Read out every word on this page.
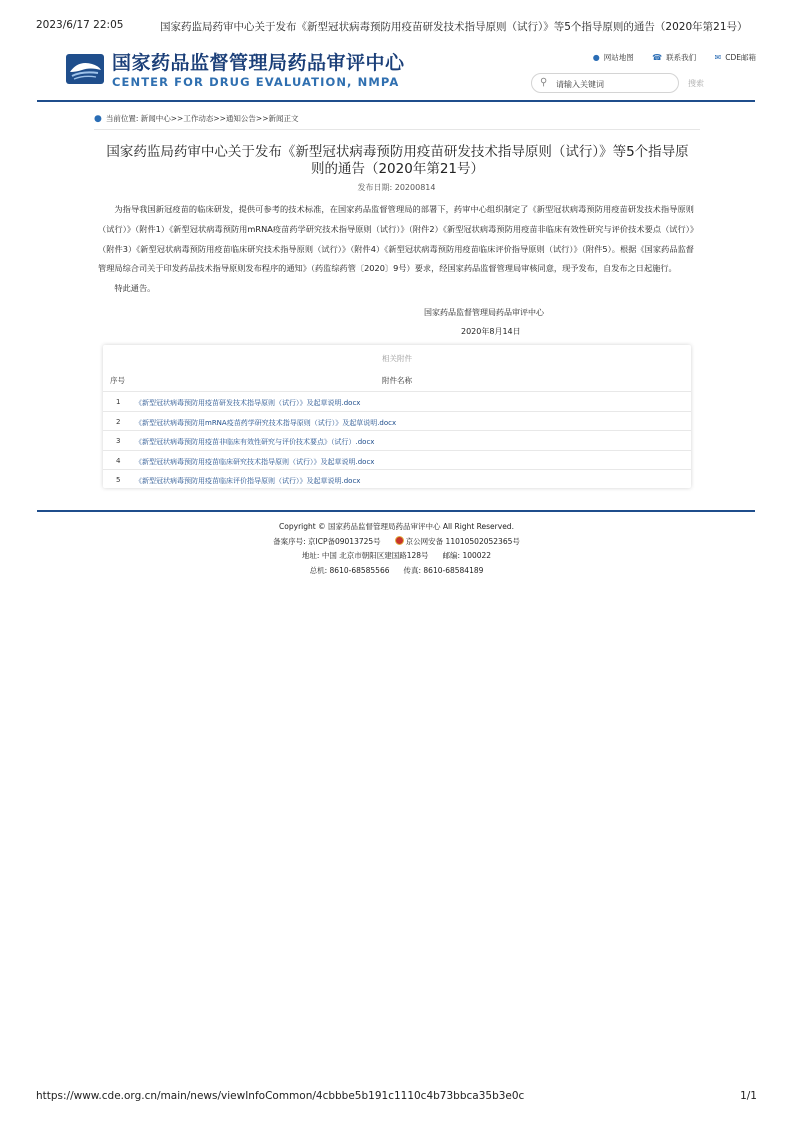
2023/6/17 22:05	国家药监局药审中心关于发布《新型冠状病毒预防用疫苗研发技术指导原则（试行）》等5个指导原则的通告（2020年第21号）
国家药品监督管理局药品审评中心
CENTER FOR DRUG EVALUATION, NMPA
● 网站地图 ☎ 联系我们 ✉ CDE邮箱
⚲ 请输入关键词	搜索
● 当前位置: 新闻中心>>工作动态>>通知公告>>新闻正文
国家药监局药审中心关于发布《新型冠状病毒预防用疫苗研发技术指导原则（试行）》等5个指导原则的通告（2020年第21号）
发布日期: 20200814

为指导我国新冠疫苗的临床研发，提供可参考的技术标准，在国家药品监督管理局的部署下，药审中心组织制定了《新型冠状病毒预防用疫苗研发技术指导原则（试行）》（附件1）《新型冠状病毒预防用mRNA疫苗药学研究技术指导原则（试行）》（附件2）《新型冠状病毒预防用疫苗非临床有效性研究与评价技术要点（试行）》（附件3）《新型冠状病毒预防用疫苗临床研究技术指导原则（试行）》（附件4）《新型冠状病毒预防用疫苗临床评价指导原则（试行）》（附件5）。根据《国家药品监督管理局综合司关于印发药品技术指导原则发布程序的通知》（药监综药管〔2020〕9号）要求，经国家药品监督管理局审核同意，现予发布，自发布之日起施行。

特此通告。

国家药品监督管理局药品审评中心
2020年8月14日
相关附件
序号	附件名称
1 《新型冠状病毒预防用疫苗研发技术指导原则（试行）》及起草说明.docx
2 《新型冠状病毒预防用mRNA疫苗药学研究技术指导原则（试行）》及起草说明.docx
3 《新型冠状病毒预防用疫苗非临床有效性研究与评价技术要点》（试行）.docx
4 《新型冠状病毒预防用疫苗临床研究技术指导原则（试行）》及起草说明.docx
5 《新型冠状病毒预防用疫苗临床评价指导原则（试行）》及起草说明.docx
Copyright © 国家药品监督管理局药品审评中心 All Right Reserved.
备案序号: 京ICP备09013725号	京公网安备 11010502052365号
地址: 中国 北京市朝阳区建国路128号 邮编: 100022
总机: 8610-68585566 传真: 8610-68584189
https://www.cde.org.cn/main/news/viewInfoCommon/4cbbbe5b191c1110c4b73bbca35b3e0c	1/1
